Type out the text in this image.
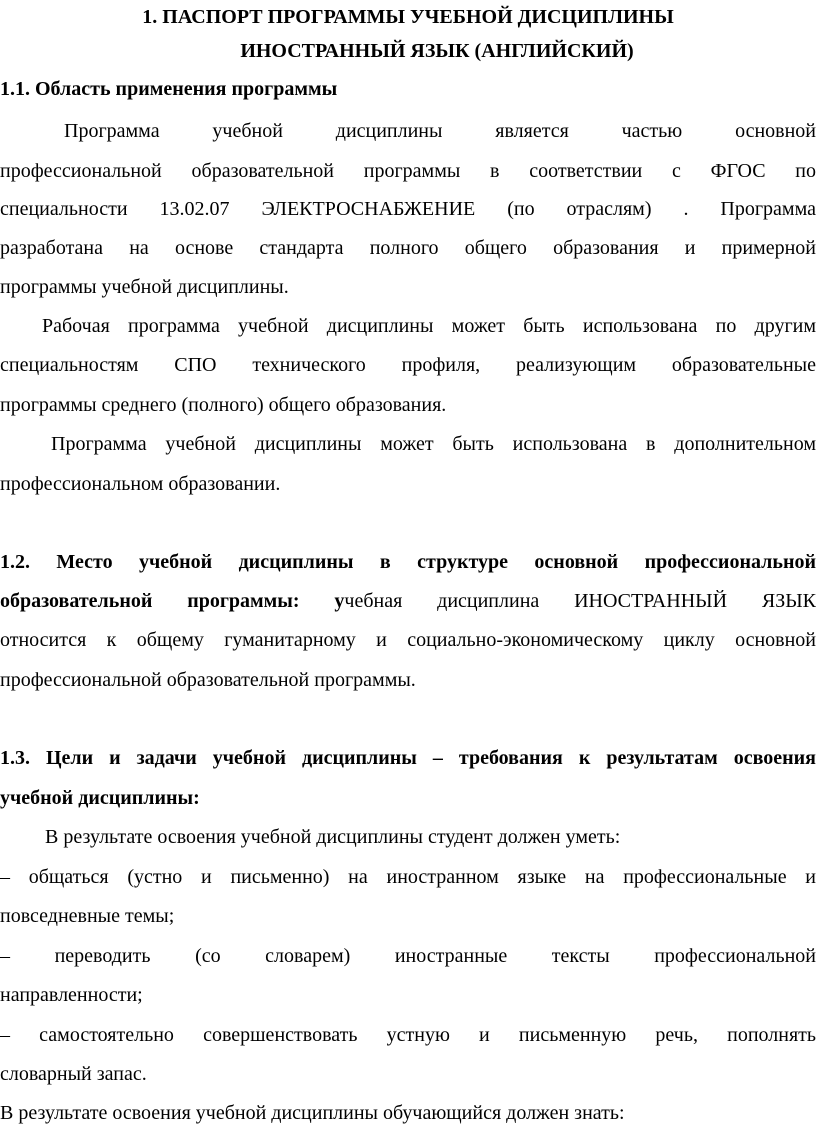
1. ПАСПОРТ ПРОГРАММЫ УЧЕБНОЙ ДИСЦИПЛИНЫ
ИНОСТРАННЫЙ ЯЗЫК (АНГЛИЙСКИЙ)
1.1. Область применения программы
Программа учебной дисциплины является частью основной
профессиональной образовательной программы в соответствии с ФГОС по
специальности 13.02.07 ЭЛЕКТРОСНАБЖЕНИЕ (по отраслям) . Программа
разработана на основе стандарта полного общего образования и примерной
программы учебной дисциплины.
Рабочая программа учебной дисциплины может быть использована по другим
специальностям СПО технического профиля, реализующим образовательные
программы среднего (полного) общего образования.
Программа учебной дисциплины может быть использована в дополнительном
профессиональном образовании.
1.2. Место учебной дисциплины в структуре основной профессиональной
образовательной программы: учебная дисциплина ИНОСТРАННЫЙ ЯЗЫК
относится к общему гуманитарному и социально-экономическому циклу основной
профессиональной образовательной программы.
1.3. Цели и задачи учебной дисциплины – требования к результатам освоения
учебной дисциплины:
В результате освоения учебной дисциплины студент должен уметь:
– общаться (устно и письменно) на иностранном языке на профессиональные и
повседневные темы;
– переводить (со словарем) иностранные тексты профессиональной
направленности;
– самостоятельно совершенствовать устную и письменную речь, пополнять
словарный запас.
В результате освоения учебной дисциплины обучающийся должен знать:
